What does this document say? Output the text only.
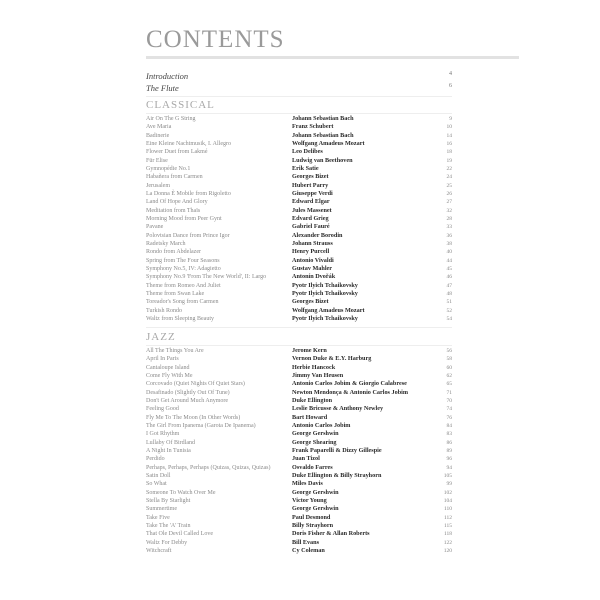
CONTENTS
Introduction	4
The Flute	6
CLASSICAL
Air On The G String	Johann Sebastian Bach	9
Ave Maria	Franz Schubert	10
Badinerie	Johann Sebastian Bach	14
Eine Kleine Nachtmusik, I. Allegro	Wolfgang Amadeus Mozart	16
Flower Duet from Lakmé	Leo Delibes	18
Für Elise	Ludwig van Beethoven	19
Gymnopédie No.1	Erik Satie	22
Habañera from Carmen	Georges Bizet	24
Jerusalem	Hubert Parry	25
La Donna È Mobile from Rigoletto	Giuseppe Verdi	26
Land Of Hope And Glory	Edward Elgar	27
Meditation from Thaïs	Jules Massenet	32
Morning Mood from Peer Gynt	Edvard Grieg	28
Pavane	Gabriel Fauré	33
Polovtsian Dance from Prince Igor	Alexander Borodin	36
Radetsky March	Johann Strauss	38
Rondo from Abdelazer	Henry Purcell	40
Spring from The Four Seasons	Antonio Vivaldi	44
Symphony No.5, IV: Adagietto	Gustav Mahler	45
Symphony No.9 'From The New World', II: Largo	Antonín Dvořák	46
Theme from Romeo And Juliet	Pyotr Ilyich Tchaikovsky	47
Theme from Swan Lake	Pyotr Ilyich Tchaikovsky	48
Toreador's Song from Carmen	Georges Bizet	51
Turkish Rondo	Wolfgang Amadeus Mozart	52
Waltz from Sleeping Beauty	Pyotr Ilyich Tchaikovsky	54
JAZZ
All The Things You Are	Jerome Kern	56
April In Paris	Vernon Duke & E.Y. Harburg	58
Cantaloupe Island	Herbie Hancock	60
Come Fly With Me	Jimmy Van Heusen	62
Corcovado (Quiet Nights Of Quiet Stars)	Antonio Carlos Jobim & Giorgio Calabrese	65
Desafinado (Slightly Out Of Tune)	Newton Mendonça & Antonio Carlos Jobim	71
Don't Get Around Much Anymore	Duke Ellington	70
Feeling Good	Leslie Bricusse & Anthony Newley	74
Fly Me To The Moon (In Other Words)	Bart Howard	76
The Girl From Ipanema (Garota De Ipanema)	Antonio Carlos Jobim	84
I Got Rhythm	George Gershwin	83
Lullaby Of Birdland	George Shearing	86
A Night In Tunisia	Frank Paparelli & Dizzy Gillespie	89
Perdido	Juan Tizol	96
Perhaps, Perhaps, Perhaps (Quizas, Quizas, Quizas)	Osvaldo Farres	94
Satin Doll	Duke Ellington & Billy Strayhorn	105
So What	Miles Davis	99
Someone To Watch Over Me	George Gershwin	102
Stella By Starlight	Victor Young	104
Summertime	George Gershwin	110
Take Five	Paul Desmond	112
Take The 'A' Train	Billy Strayhorn	115
That Ole Devil Called Love	Doris Fisher & Allan Roberts	118
Waltz For Debby	Bill Evans	122
Witchcraft	Cy Coleman	120
